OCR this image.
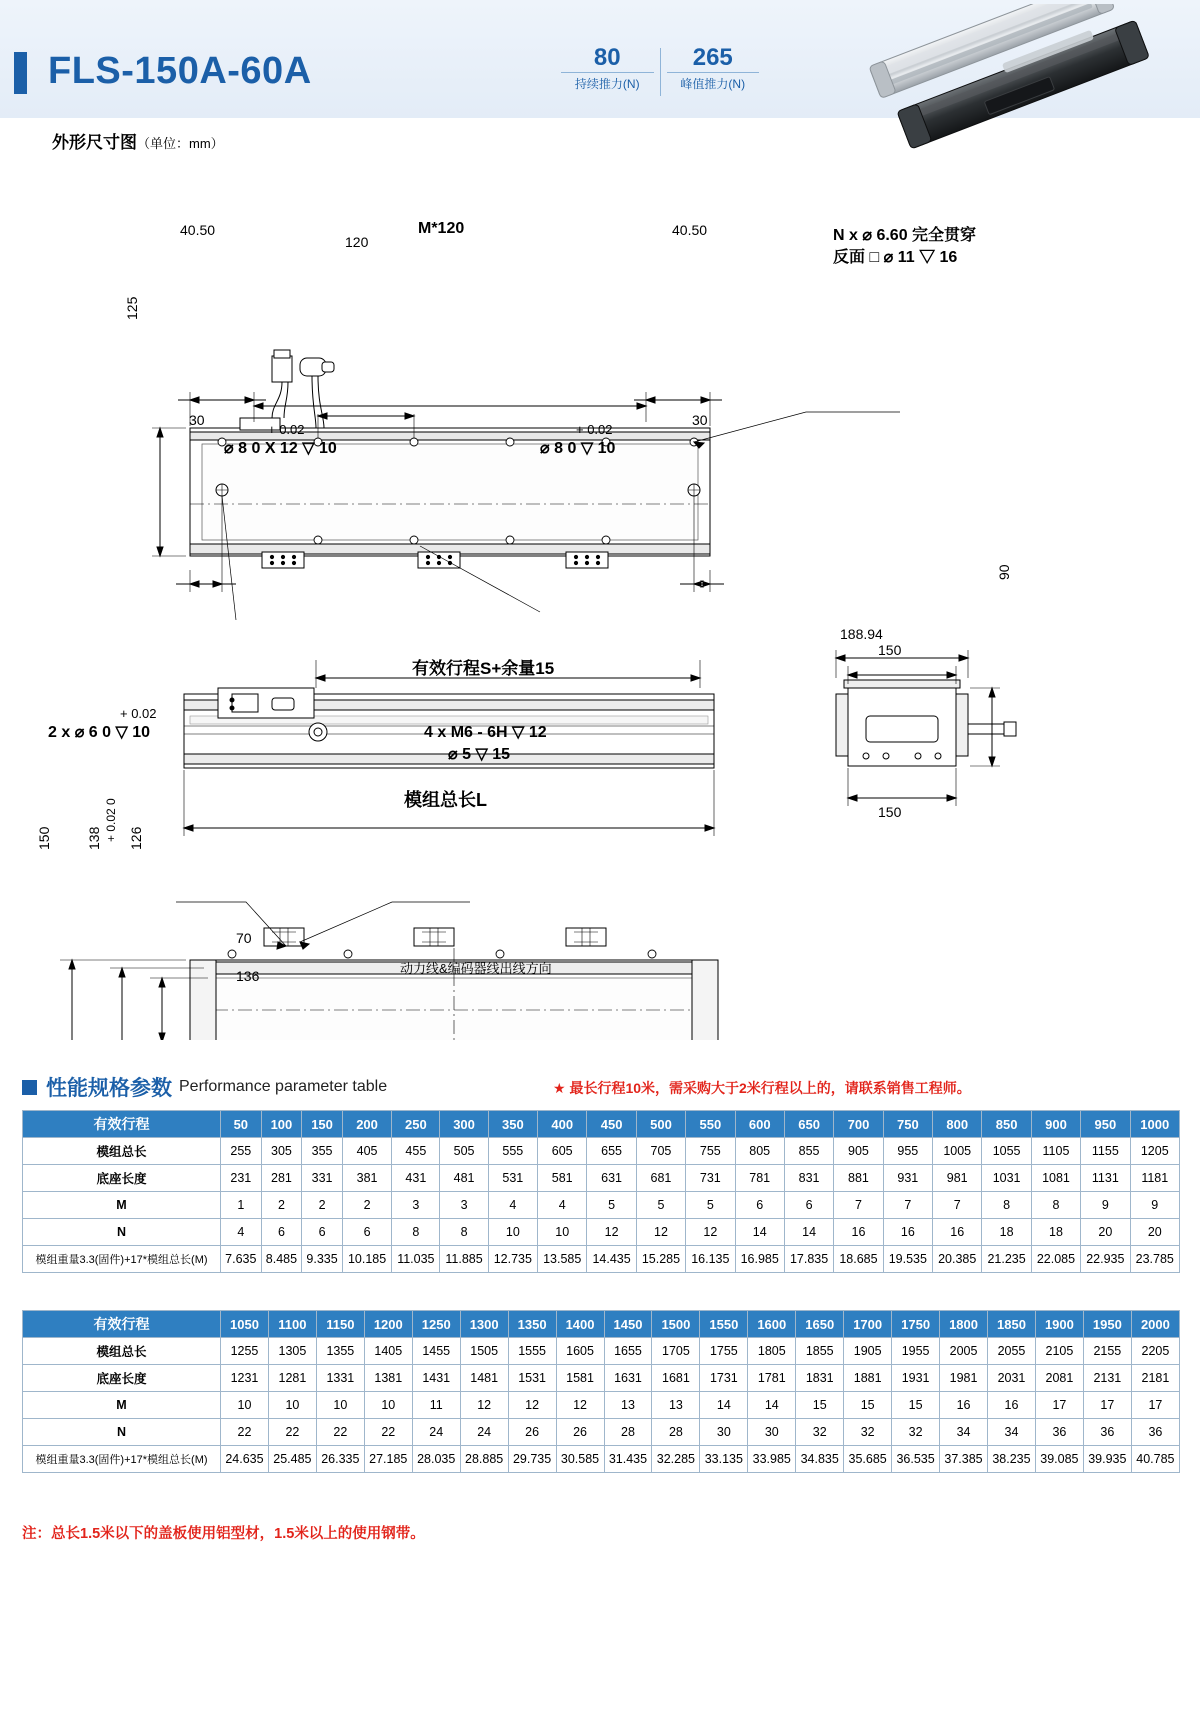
FLS-150A-60A	80
持续推力(N)
265
峰值推力(N)
外形尺寸图（单位：mm）
40.50	M*120
120
40.50
125
30	30
N x ⌀ 6.60 完全贯穿
反面 □ ⌀ 11 ▽ 16
+ 0.02
⌀ 8 0 X 12 ▽ 10
+ 0.02
⌀ 8 0 ▽ 10
有效行程S+余量15
模组总长L
188.94
150
90
150
+ 0.02
2 x ⌀ 6 0 ▽ 10	4 x M6 - 6H ▽ 12
⌀ 5 ▽ 15
150 138 + 0.02 0
126
70
136	动力线&编码器线出线方向
性能规格参数 Performance parameter table	★ 最长行程10米，需采购大于2米行程以上的，请联系销售工程师。
有效行程	50	100	150	200	250	300	350	400	450	500	550	600	650	700	750	800	850	900	950	1000
模组总长	255	305	355	405	455	505	555	605	655	705	755	805	855	905	955	1005	1055	1105	1155	1205
底座长度	231	281	331	381	431	481	531	581	631	681	731	781	831	881	931	981	1031	1081	1131	1181
M	1	2	2	2	3	3	4	4	5	5	5	6	6	7	7	7	8	8	9	9
N	4	6	6	6	8	8	10	10	12	12	12	14	14	16	16	16	18	18	20	20
模组重量3.3(固件)+17*模组总长(M)	7.635	8.485	9.335	10.185	11.035	11.885	12.735	13.585	14.435	15.285	16.135	16.985	17.835	18.685	19.535	20.385	21.235	22.085	22.935	23.785
有效行程	1050	1100	1150	1200	1250	1300	1350	1400	1450	1500	1550	1600	1650	1700	1750	1800	1850	1900	1950	2000
模组总长	1255	1305	1355	1405	1455	1505	1555	1605	1655	1705	1755	1805	1855	1905	1955	2005	2055	2105	2155	2205
底座长度	1231	1281	1331	1381	1431	1481	1531	1581	1631	1681	1731	1781	1831	1881	1931	1981	2031	2081	2131	2181
M	10	10	10	10	11	12	12	12	13	13	14	14	15	15	15	16	16	17	17	17
N	22	22	22	22	24	24	26	26	28	28	30	30	32	32	32	34	34	36	36	36
模组重量3.3(固件)+17*模组总长(M)	24.635	25.485	26.335	27.185	28.035	28.885	29.735	30.585	31.435	32.285	33.135	33.985	34.835	35.685	36.535	37.385	38.235	39.085	39.935	40.785
注：总长1.5米以下的盖板使用铝型材，1.5米以上的使用钢带。
